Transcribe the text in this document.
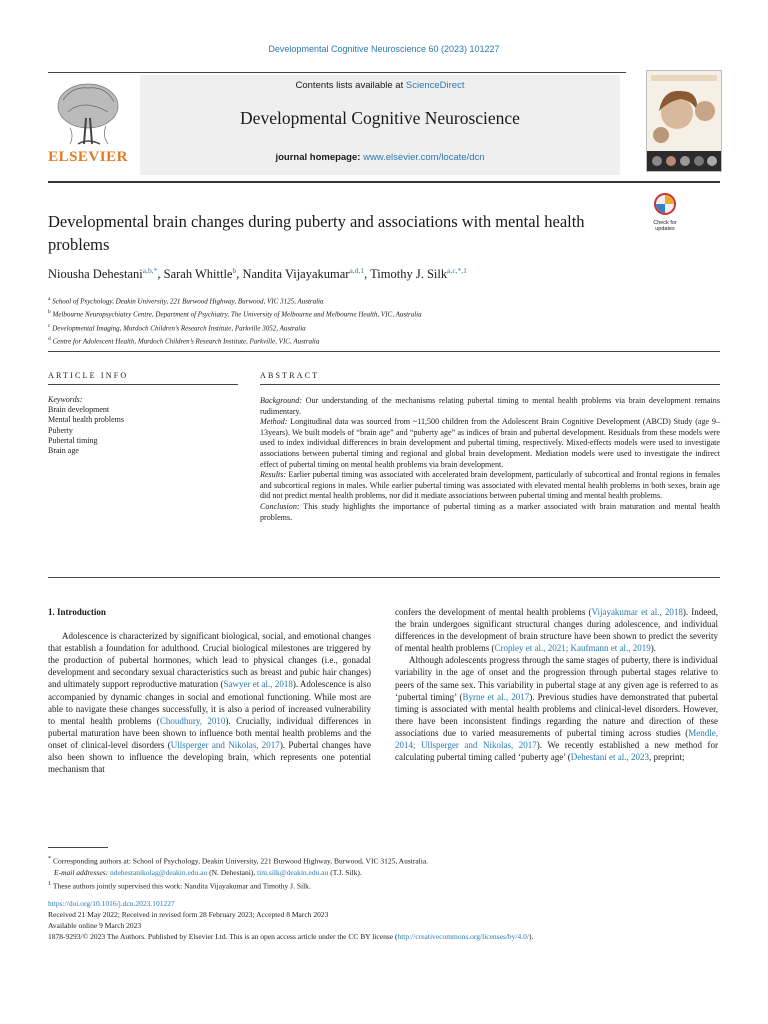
Developmental Cognitive Neuroscience 60 (2023) 101227
ELSEVIER
Contents lists available at ScienceDirect
Developmental Cognitive Neuroscience
journal homepage: www.elsevier.com/locate/dcn
Developmental brain changes during puberty and associations with mental health problems
Check for updates
Niousha Dehestani$^{a,b,*}$, Sarah Whittle$^b$, Nandita Vijayakumar$^{a,d,1}$, Timothy J. Silk$^{a,c,*,1}$
$^a$ School of Psychology, Deakin University, 221 Burwood Highway, Burwood, VIC 3125, Australia
$^b$ Melbourne Neuropsychiatry Centre, Department of Psychiatry, The University of Melbourne and Melbourne Health, VIC, Australia
$^c$ Developmental Imaging, Murdoch Children’s Research Institute, Parkville 3052, Australia
$^d$ Centre for Adolescent Health, Murdoch Children’s Research Institute, Parkville, VIC, Australia
ARTICLE INFO
Keywords:
Brain development
Mental health problems
Puberty
Pubertal timing
Brain age
ABSTRACT
Background: Our understanding of the mechanisms relating pubertal timing to mental health problems via brain development remains rudimentary.
Method: Longitudinal data was sourced from ~11,500 children from the Adolescent Brain Cognitive Development (ABCD) Study (age 9–13years). We built models of “brain age” and “puberty age” as indices of brain and pubertal development. Residuals from these models were used to index individual differences in brain development and pubertal timing, respectively. Mixed-effects models were used to investigate associations between pubertal timing and regional and global brain development. Mediation models were used to investigate the indirect effect of pubertal timing on mental health problems via brain development.
Results: Earlier pubertal timing was associated with accelerated brain development, particularly of subcortical and frontal regions in females and subcortical regions in males. While earlier pubertal timing was associated with elevated mental health problems in both sexes, brain age did not predict mental health problems, nor did it mediate associations between pubertal timing and mental health problems.
Conclusion: This study highlights the importance of pubertal timing as a marker associated with brain maturation and mental health problems.
1. Introduction

Adolescence is characterized by significant biological, social, and emotional changes that establish a foundation for adulthood. Crucial biological milestones are triggered by the production of pubertal hormones, which lead to physical changes (i.e., gonadal development and secondary sexual characteristics such as breast and pubic hair changes) and ultimately support reproductive maturation (Sawyer et al., 2018). Adolescence is also accompanied by dynamic changes in social and emotional functioning. While most are able to navigate these changes successfully, it is also a period of increased vulnerability to mental health problems (Choudhury, 2010). Crucially, individual differences in pubertal maturation have been shown to influence both mental health problems and the onset of clinical-level disorders (Ullsperger and Nikolas, 2017). Pubertal changes have also been shown to influence the developing brain, which represents one potential mechanism that

confers the development of mental health problems (Vijayakumar et al., 2018). Indeed, the brain undergoes significant structural changes during adolescence, and individual differences in the development of brain structure have been shown to predict the severity of mental health problems (Cropley et al., 2021; Kaufmann et al., 2019).

Although adolescents progress through the same stages of puberty, there is individual variability in the age of onset and the progression through pubertal stages relative to peers of the same sex. This variability in pubertal stage at any given age is referred to as ‘pubertal timing’ (Byrne et al., 2017). Previous studies have demonstrated that pubertal timing is associated with mental health problems and clinical-level disorders. However, there have been inconsistent findings regarding the nature and direction of these associations due to varied measurements of pubertal timing across studies (Mendle, 2014; Ullsperger and Nikolas, 2017). We recently established a new method for calculating pubertal timing called ‘puberty age’ (Dehestani et al., 2023, preprint;

* Corresponding authors at: School of Psychology, Deakin University, 221 Burwood Highway, Burwood, VIC 3125, Australia.
E-mail addresses: ndehestanikolag@deakin.edu.au (N. Dehestani), tim.silk@deakin.edu.au (T.J. Silk).
$^1$ These authors jointly supervised this work: Nandita Vijayakumar and Timothy J. Silk.
https://doi.org/10.1016/j.dcn.2023.101227
Received 21 May 2022; Received in revised form 28 February 2023; Accepted 8 March 2023
Available online 9 March 2023
1878-9293/© 2023 The Authors. Published by Elsevier Ltd. This is an open access article under the CC BY license (http://creativecommons.org/licenses/by/4.0/).
